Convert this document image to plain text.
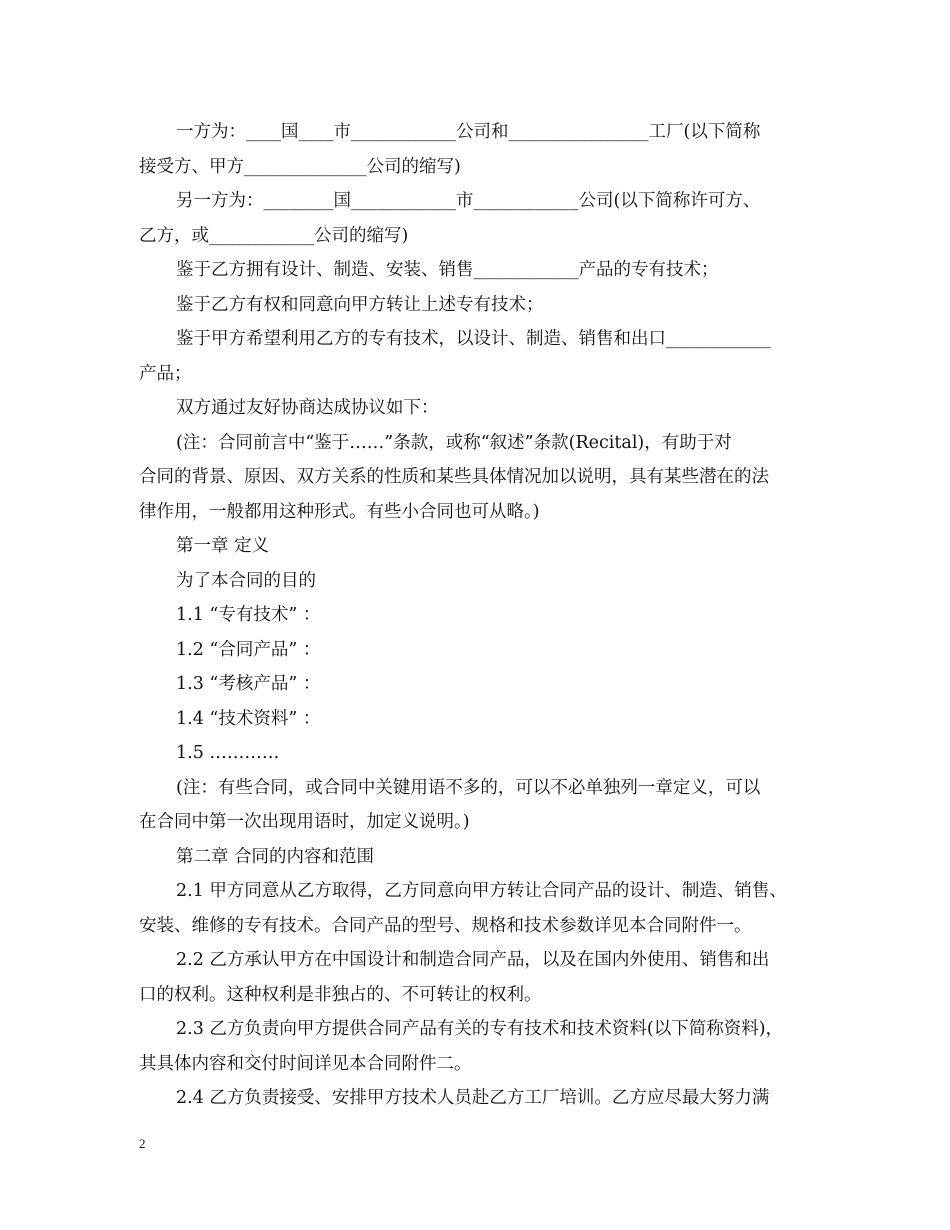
一方为：____国____市____________公司和________________工厂(以下简称

接受方、甲方______________公司的缩写)

另一方为：________国____________市____________公司(以下简称许可方、

乙方，或____________公司的缩写)

鉴于乙方拥有设计、制造、安装、销售____________产品的专有技术；

鉴于乙方有权和同意向甲方转让上述专有技术；

鉴于甲方希望利用乙方的专有技术，以设计、制造、销售和出口____________

产品；

双方通过友好协商达成协议如下：

(注：合同前言中“鉴于……”条款，或称“叙述”条款(Recital)，有助于对

合同的背景、原因、双方关系的性质和某些具体情况加以说明，具有某些潜在的法

律作用，一般都用这种形式。有些小合同也可从略。)

第一章 定义

为了本合同的目的

1.1 “专有技术” ：

1.2 “合同产品” ：

1.3 “考核产品” ：

1.4 “技术资料” ：

1.5 …………

(注：有些合同，或合同中关键用语不多的，可以不必单独列一章定义，可以

在合同中第一次出现用语时，加定义说明。)

第二章 合同的内容和范围

2.1 甲方同意从乙方取得，乙方同意向甲方转让合同产品的设计、制造、销售、

安装、维修的专有技术。合同产品的型号、规格和技术参数详见本合同附件一。

2.2 乙方承认甲方在中国设计和制造合同产品，以及在国内外使用、销售和出

口的权利。这种权利是非独占的、不可转让的权利。

2.3 乙方负责向甲方提供合同产品有关的专有技术和技术资料(以下简称资料)，

其具体内容和交付时间详见本合同附件二。

2.4 乙方负责接受、安排甲方技术人员赴乙方工厂培训。乙方应尽最大努力满

2
